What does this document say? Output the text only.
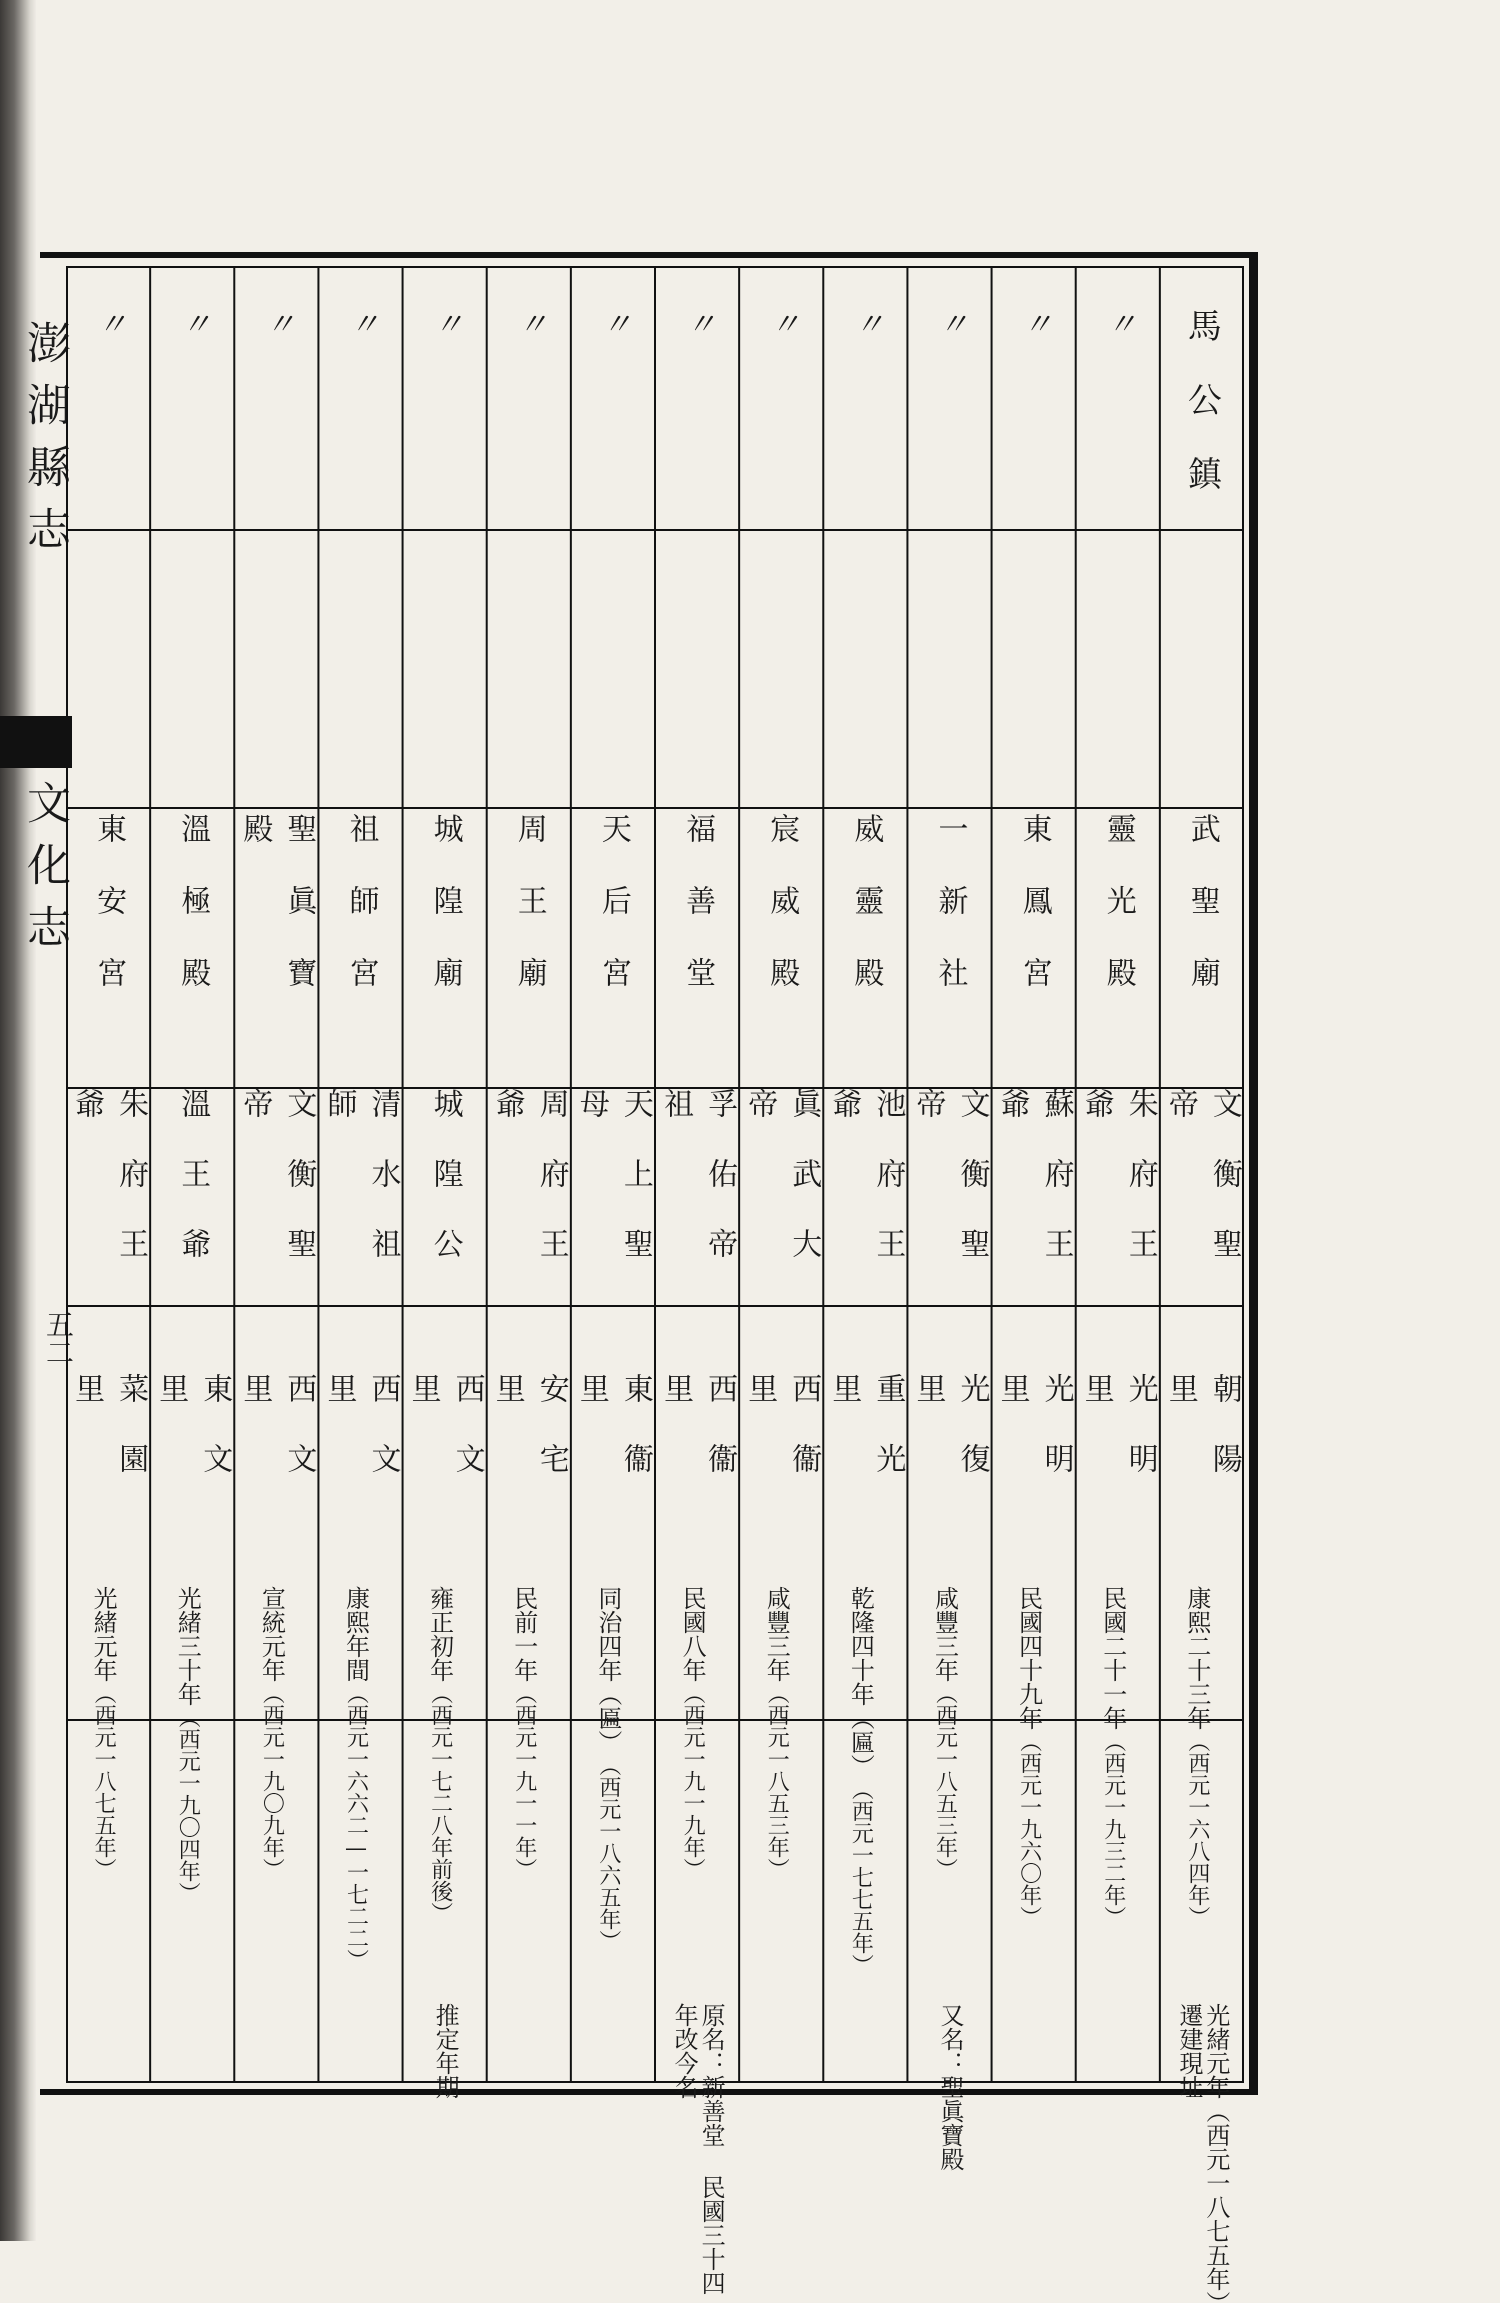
澎湖縣志
文化志
五二
馬公鎮
武聖廟
文衡聖帝
朝陽里
康熙二十三年
（西元一六八四年）
光緒元年（西元一八七五年）遷建現址
〃
靈光殿
朱府王爺
光明里
民國二十一年
（西元一九三二年）
〃
東鳳宮
蘇府王爺
光明里
民國四十九年
（西元一九六〇年）
〃
一新社
文衡聖帝
光復里
咸豐三年
（西元一八五三年）
又名：聖眞寶殿
〃
威靈殿
池府王爺
重光里
乾隆四十年（匾）
（西元一七七五年）
〃
宸威殿
眞武大帝
西衞里
咸豐三年
（西元一八五三年）
〃
福善堂
孚佑帝祖
西衞里
民國八年
（西元一九一九年）
原名：新善堂 民國三十四年改今名
〃
天后宮
天上聖母
東衞里
同治四年（匾）
（西元一八六五年）
〃
周王廟
周府王爺
安宅里
民前一年
（西元一九一一年）
〃
城隍廟
城隍公
西文里
雍正初年
（西元一七二八年前後）
推定年期
〃
祖師宮
清水祖師
西文里
康熙年間
（西元一六六二—一七二二）
〃
聖眞寶殿
文衡聖帝
西文里
宣統元年
（西元一九〇九年）
〃
溫極殿
溫王爺
東文里
光緒三十年
（西元一九〇四年）
〃
東安宮
朱府王爺
菜園里
光緒元年
（西元一八七五年）
